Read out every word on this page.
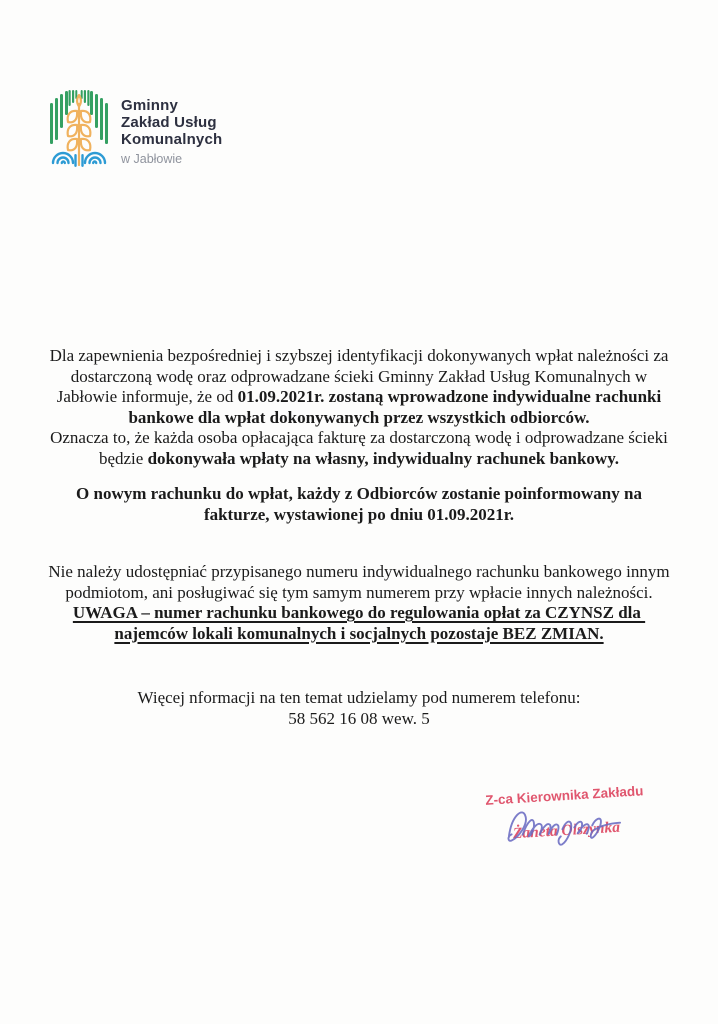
Gminny
Zakład Usług
Komunalnych
w Jabłowie
Dla zapewnienia bezpośredniej i szybszej identyfikacji dokonywanych wpłat należności za
dostarczoną wodę oraz odprowadzane ścieki Gminny Zakład Usług Komunalnych w
Jabłowie informuje, że od 01.09.2021r. zostaną wprowadzone indywidualne rachunki
bankowe dla wpłat dokonywanych przez wszystkich odbiorców.
Oznacza to, że każda osoba opłacająca fakturę za dostarczoną wodę i odprowadzane ścieki
będzie dokonywała wpłaty na własny, indywidualny rachunek bankowy.
O nowym rachunku do wpłat, każdy z Odbiorców zostanie poinformowany na
fakturze, wystawionej po dniu 01.09.2021r.
Nie należy udostępniać przypisanego numeru indywidualnego rachunku bankowego innym
podmiotom, ani posługiwać się tym samym numerem przy wpłacie innych należności.
UWAGA – numer rachunku bankowego do regulowania opłat za CZYNSZ dla
najemców lokali komunalnych i socjalnych pozostaje BEZ ZMIAN.
Więcej nformacji na ten temat udzielamy pod numerem telefonu:
58 562 16 08 wew. 5
Z-ca Kierownika Zakładu
Żaneta Olszynka
